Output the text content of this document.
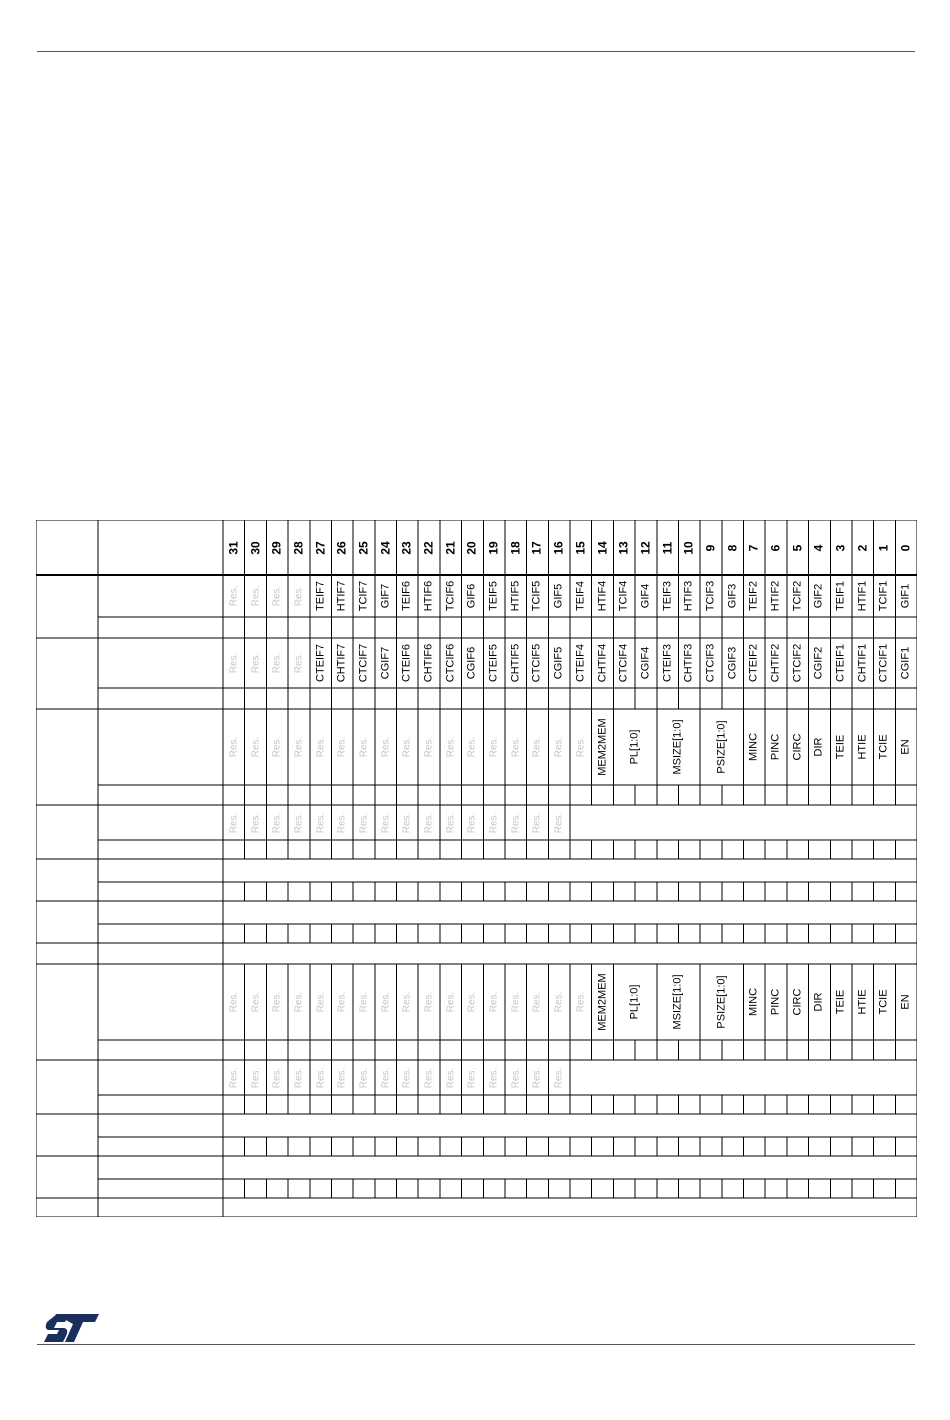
31 30 29 28 27 26 25 24 23 22 21 20 19 18 17 16 15 14 13 12 11 10 9 8 7 6 5 4 3 2 1 0
Res. Res. Res. Res. TEIF7 HTIF7 TCIF7 GIF7 TEIF6 HTIF6 TCIF6 GIF6 TEIF5 HTIF5 TCIF5 GIF5 TEIF4 HTIF4 TCIF4 GIF4 TEIF3 HTIF3 TCIF3 GIF3 TEIF2 HTIF2 TCIF2 GIF2 TEIF1 HTIF1 TCIF1 GIF1
Res. Res. Res. Res. CTEIF7 CHTIF7 CTCIF7 CGIF7 CTEIF6 CHTIF6 CTCIF6 CGIF6 CTEIF5 CHTIF5 CTCIF5 CGIF5 CTEIF4 CHTIF4 CTCIF4 CGIF4 CTEIF3 CHTIF3 CTCIF3 CGIF3 CTEIF2 CHTIF2 CTCIF2 CGIF2 CTEIF1 CHTIF1 CTCIF1 CGIF1
Res. Res. Res. Res. Res. Res. Res. Res. Res. Res. Res. Res. Res. Res. Res. Res. Res. MEM2MEM PL[1:0]	MSIZE[1:0]	PSIZE[1:0] MINC PINC CIRC DIR TEIE HTIE TCIE EN
Res. Res. Res. Res. Res. Res. Res. Res. Res. Res. Res. Res. Res. Res. Res. Res.
Res. Res. Res. Res. Res. Res. Res. Res. Res. Res. Res. Res. Res. Res. Res. Res. Res. MEM2MEM PL[1:0]	MSIZE[1:0]	PSIZE[1:0] MINC PINC CIRC DIR TEIE HTIE TCIE EN
Res. Res. Res. Res. Res. Res. Res. Res. Res. Res. Res. Res. Res. Res. Res. Res.
